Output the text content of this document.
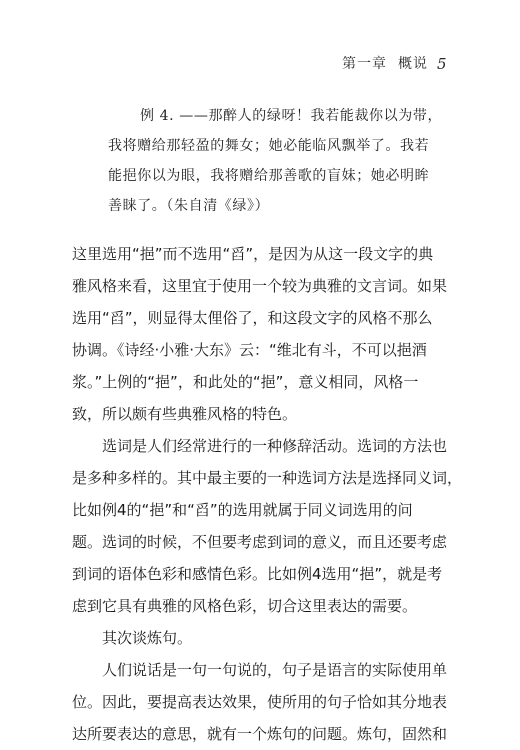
第一章 概说 5
例 4. ——那醉人的绿呀！我若能裁你以为带，
我将赠给那轻盈的舞女；她必能临风飘举了。我若
能挹你以为眼，我将赠给那善歌的盲妹；她必明眸
善睐了。（朱自清《绿》）
这里选用“挹”而不选用“舀”，是因为从这一段文字的典
雅风格来看，这里宜于使用一个较为典雅的文言词。如果
选用“舀”，则显得太俚俗了，和这段文字的风格不那么
协调。《诗经·小雅·大东》云：“维北有斗，不可以挹酒
浆。”上例的“挹”，和此处的“挹”，意义相同，风格一
致，所以颇有些典雅风格的特色。
选词是人们经常进行的一种修辞活动。选词的方法也
是多种多样的。其中最主要的一种选词方法是选择同义词，
比如例4的“挹”和“舀”的选用就属于同义词选用的问
题。选词的时候，不但要考虑到词的意义，而且还要考虑
到词的语体色彩和感情色彩。比如例4选用“挹”，就是考
虑到它具有典雅的风格色彩，切合这里表达的需要。
其次谈炼句。
人们说话是一句一句说的，句子是语言的实际使用单
位。因此，要提高表达效果，使所用的句子恰如其分地表
达所要表达的意思，就有一个炼句的问题。炼句，固然和
